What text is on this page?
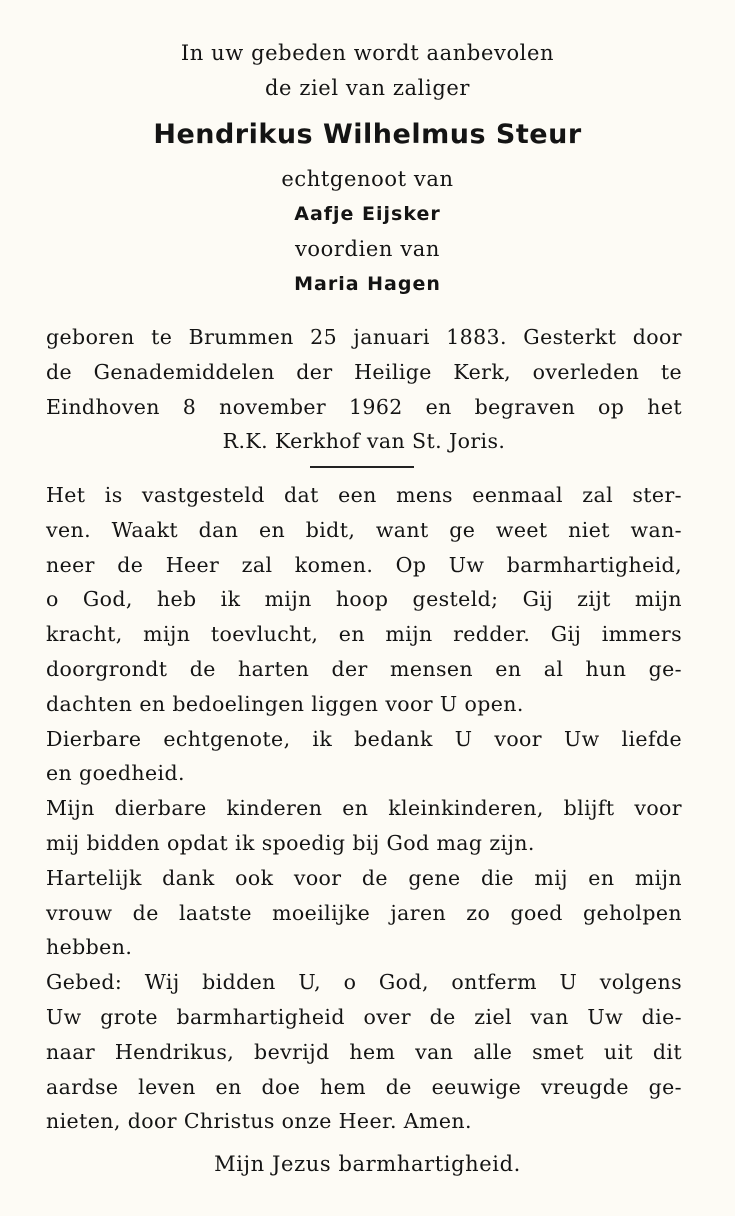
In uw gebeden wordt aanbevolen
de ziel van zaliger
Hendrikus Wilhelmus Steur
echtgenoot van
Aafje Eijsker
voordien van
Maria Hagen
geboren te Brummen 25 januari 1883. Gesterkt door
de Genademiddelen der Heilige Kerk, overleden te
Eindhoven 8 november 1962 en begraven op het
R.K. Kerkhof van St. Joris.
Het is vastgesteld dat een mens eenmaal zal ster-
ven. Waakt dan en bidt, want ge weet niet wan-
neer de Heer zal komen. Op Uw barmhartigheid,
o God, heb ik mijn hoop gesteld; Gij zijt mijn
kracht, mijn toevlucht, en mijn redder. Gij immers
doorgrondt de harten der mensen en al hun ge-
dachten en bedoelingen liggen voor U open.
Dierbare echtgenote, ik bedank U voor Uw liefde
en goedheid.
Mijn dierbare kinderen en kleinkinderen, blijft voor
mij bidden opdat ik spoedig bij God mag zijn.
Hartelijk dank ook voor de gene die mij en mijn
vrouw de laatste moeilijke jaren zo goed geholpen
hebben.
Gebed: Wij bidden U, o God, ontferm U volgens
Uw grote barmhartigheid over de ziel van Uw die-
naar Hendrikus, bevrijd hem van alle smet uit dit
aardse leven en doe hem de eeuwige vreugde ge-
nieten, door Christus onze Heer. Amen.
Mijn Jezus barmhartigheid.
